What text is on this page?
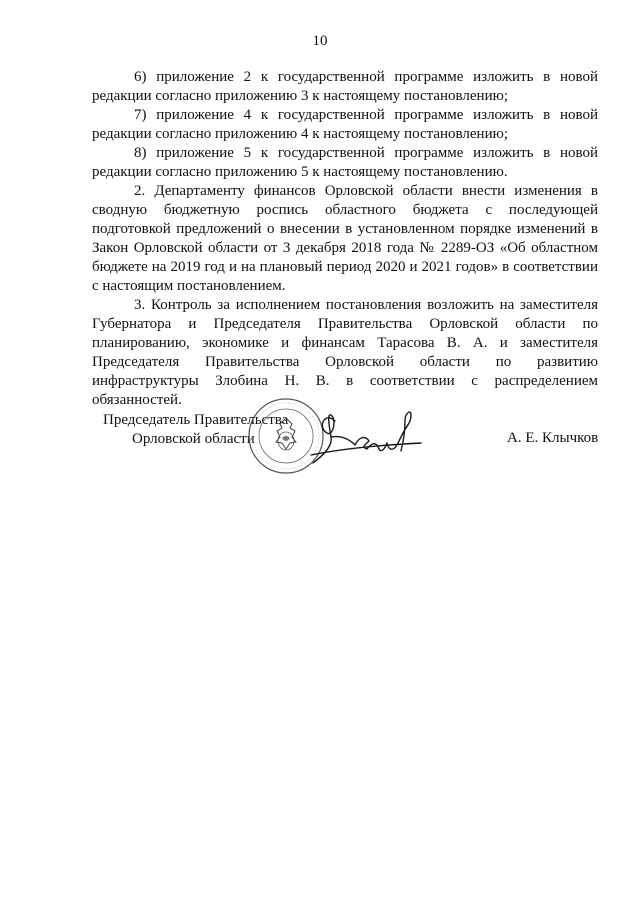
10

6) приложение 2 к государственной программе изложить в новой редакции согласно приложению 3 к настоящему постановлению;

7) приложение 4 к государственной программе изложить в новой редакции согласно приложению 4 к настоящему постановлению;

8) приложение 5 к государственной программе изложить в новой редакции согласно приложению 5 к настоящему постановлению.

2. Департаменту финансов Орловской области внести изменения в сводную бюджетную роспись областного бюджета с последующей подготовкой предложений о внесении в установленном порядке изменений в Закон Орловской области от 3 декабря 2018 года № 2289-ОЗ «Об областном бюджете на 2019 год и на плановый период 2020 и 2021 годов» в соответствии с настоящим постановлением.

3. Контроль за исполнением постановления возложить на заместителя Губернатора и Председателя Правительства Орловской области по планированию, экономике и финансам Тарасова В. А. и заместителя Председателя Правительства Орловской области по развитию инфраструктуры Злобина Н. В. в соответствии с распределением обязанностей.

Председатель Правительства
Орловской области	А. Е. Клычков
